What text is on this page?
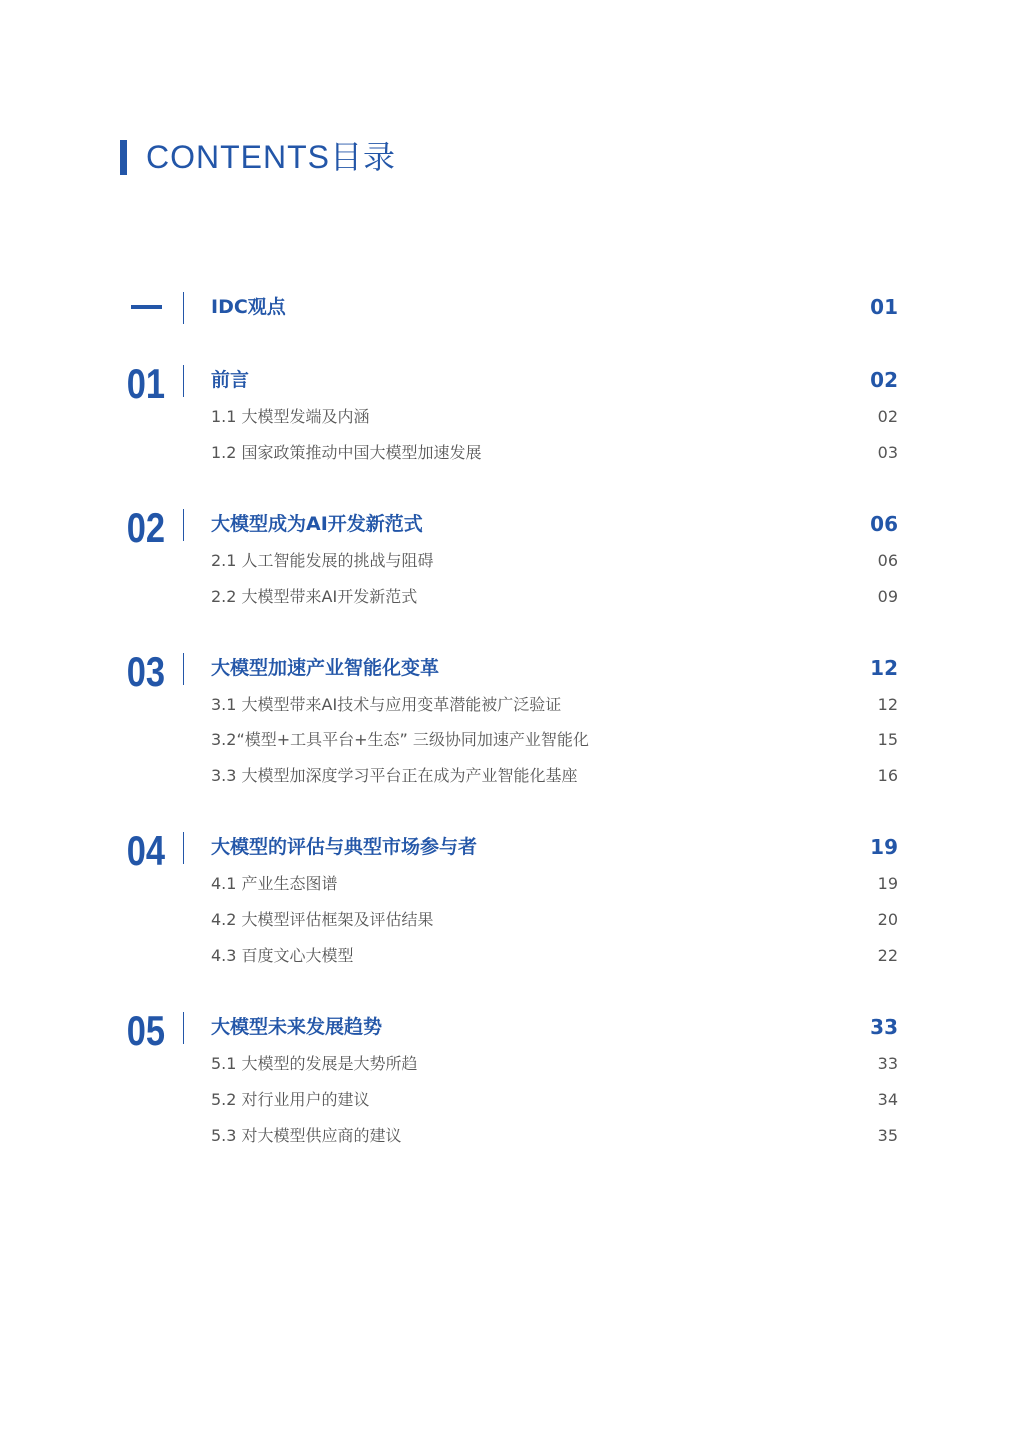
CONTENTS目录
IDC观点	01
01 前言	02
1.1 大模型发端及内涵	02
1.2 国家政策推动中国大模型加速发展	03
02 大模型成为AI开发新范式	06
2.1 人工智能发展的挑战与阻碍	06
2.2 大模型带来AI开发新范式	09
03 大模型加速产业智能化变革	12
3.1 大模型带来AI技术与应用变革潜能被广泛验证	12
3.2“模型+工具平台+生态” 三级协同加速产业智能化	15
3.3 大模型加深度学习平台正在成为产业智能化基座	16
04 大模型的评估与典型市场参与者	19
4.1 产业生态图谱	19
4.2 大模型评估框架及评估结果	20
4.3 百度文心大模型	22
05 大模型未来发展趋势	33
5.1 大模型的发展是大势所趋	33
5.2 对行业用户的建议	34
5.3 对大模型供应商的建议	35
